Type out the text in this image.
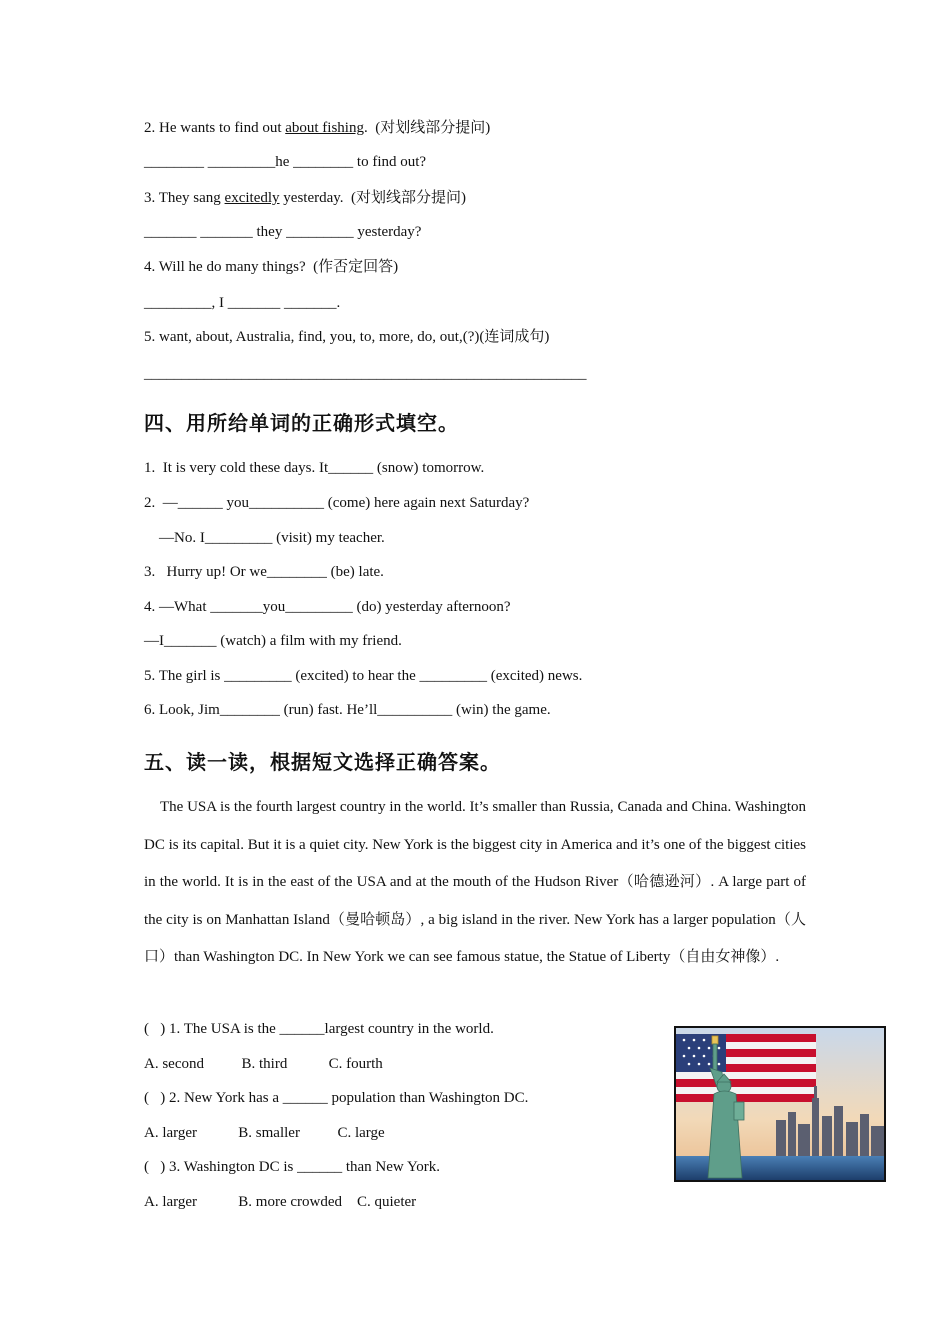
2. He wants to find out about fishing.  (对划线部分提问)
________ _________he ________ to find out?
3. They sang excitedly yesterday.  (对划线部分提问)
_______ _______ they _________ yesterday?
4. Will he do many things?  (作否定回答)
_________, I _______ _______.
5. want, about, Australia, find, you, to, more, do, out,(?)(连词成句)
___________________________________________________________
四、用所给单词的正确形式填空。
1.  It is very cold these days. It______ (snow) tomorrow.
2.  —______ you__________ (come) here again next Saturday?
—No. I_________ (visit) my teacher.
3.   Hurry up! Or we________ (be) late.
4. —What _______you_________ (do) yesterday afternoon?
—I_______ (watch) a film with my friend.
5. The girl is _________ (excited) to hear the _________ (excited) news.
6. Look, Jim________ (run) fast. He’ll__________ (win) the game.
五、读一读，根据短文选择正确答案。
The USA is the fourth largest country in the world. It’s smaller than Russia, Canada and China. Washington DC is its capital. But it is a quiet city. New York is the biggest city in America and it’s one of the biggest cities in the world. It is in the east of the USA and at the mouth of the Hudson River（哈德逊河）. A large part of the city is on Manhattan Island（曼哈顿岛）, a big island in the river. New York has a larger population（人口）than Washington DC. In New York we can see famous statue, the Statue of Liberty（自由女神像）.
(   ) 1. The USA is the ______largest country in the world.
A. second          B. third           C. fourth
(   ) 2. New York has a ______ population than Washington DC.
A. larger           B. smaller          C. large
(   ) 3. Washington DC is ______ than New York.
A. larger           B. more crowded    C. quieter
